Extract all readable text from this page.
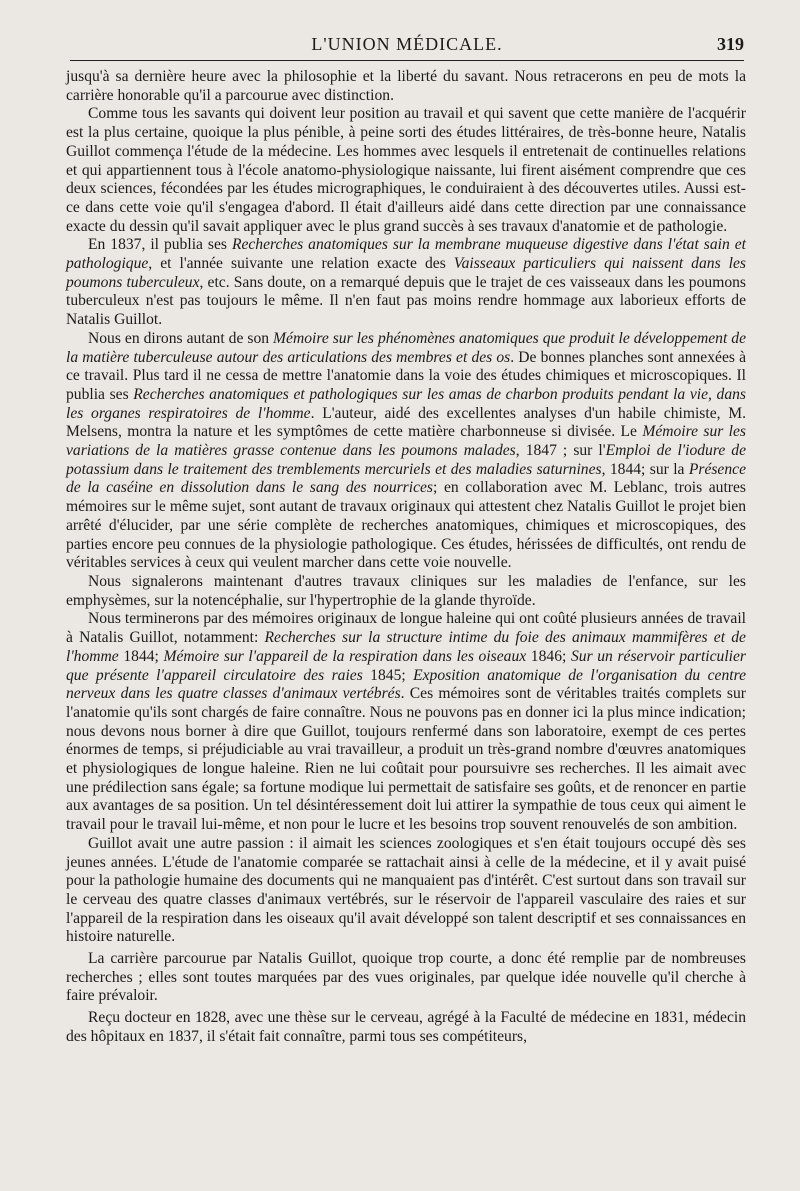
L'UNION MÉDICALE.	319

jusqu'à sa dernière heure avec la philosophie et la liberté du savant. Nous retracerons en peu de mots la carrière honorable qu'il a parcourue avec distinction.

Comme tous les savants qui doivent leur position au travail et qui savent que cette manière de l'acquérir est la plus certaine, quoique la plus pénible, à peine sorti des études littéraires, de très-bonne heure, Natalis Guillot commença l'étude de la médecine. Les hommes avec lesquels il entretenait de continuelles relations et qui appartiennent tous à l'école anatomo-physiologique naissante, lui firent aisément comprendre que ces deux sciences, fécondées par les études micrographiques, le conduiraient à des découvertes utiles. Aussi est-ce dans cette voie qu'il s'engagea d'abord. Il était d'ailleurs aidé dans cette direction par une connaissance exacte du dessin qu'il savait appliquer avec le plus grand succès à ses travaux d'anatomie et de pathologie.

En 1837, il publia ses Recherches anatomiques sur la membrane muqueuse digestive dans l'état sain et pathologique, et l'année suivante une relation exacte des Vaisseaux particuliers qui naissent dans les poumons tuberculeux, etc. Sans doute, on a remarqué depuis que le trajet de ces vaisseaux dans les poumons tuberculeux n'est pas toujours le même. Il n'en faut pas moins rendre hommage aux laborieux efforts de Natalis Guillot.

Nous en dirons autant de son Mémoire sur les phénomènes anatomiques que produit le développement de la matière tuberculeuse autour des articulations des membres et des os. De bonnes planches sont annexées à ce travail. Plus tard il ne cessa de mettre l'anatomie dans la voie des études chimiques et microscopiques. Il publia ses Recherches anatomiques et pathologiques sur les amas de charbon produits pendant la vie, dans les organes respiratoires de l'homme. L'auteur, aidé des excellentes analyses d'un habile chimiste, M. Melsens, montra la nature et les symptômes de cette matière charbonneuse si divisée. Le Mémoire sur les variations de la matières grasse contenue dans les poumons malades, 1847 ; sur l'Emploi de l'iodure de potassium dans le traitement des tremblements mercuriels et des maladies saturnines, 1844; sur la Présence de la caséine en dissolution dans le sang des nourrices; en collaboration avec M. Leblanc, trois autres mémoires sur le même sujet, sont autant de travaux originaux qui attestent chez Natalis Guillot le projet bien arrêté d'élucider, par une série complète de recherches anatomiques, chimiques et microscopiques, des parties encore peu connues de la physiologie pathologique. Ces études, hérissées de difficultés, ont rendu de véritables services à ceux qui veulent marcher dans cette voie nouvelle.

Nous signalerons maintenant d'autres travaux cliniques sur les maladies de l'enfance, sur les emphysèmes, sur la notencéphalie, sur l'hypertrophie de la glande thyroïde.

Nous terminerons par des mémoires originaux de longue haleine qui ont coûté plusieurs années de travail à Natalis Guillot, notamment: Recherches sur la structure intime du foie des animaux mammifères et de l'homme 1844; Mémoire sur l'appareil de la respiration dans les oiseaux 1846; Sur un réservoir particulier que présente l'appareil circulatoire des raies 1845; Exposition anatomique de l'organisation du centre nerveux dans les quatre classes d'animaux vertébrés. Ces mémoires sont de véritables traités complets sur l'anatomie qu'ils sont chargés de faire connaître. Nous ne pouvons pas en donner ici la plus mince indication; nous devons nous borner à dire que Guillot, toujours renfermé dans son laboratoire, exempt de ces pertes énormes de temps, si préjudiciable au vrai travailleur, a produit un très-grand nombre d'œuvres anatomiques et physiologiques de longue haleine. Rien ne lui coûtait pour poursuivre ses recherches. Il les aimait avec une prédilection sans égale; sa fortune modique lui permettait de satisfaire ses goûts, et de renoncer en partie aux avantages de sa position. Un tel désintéressement doit lui attirer la sympathie de tous ceux qui aiment le travail pour le travail lui-même, et non pour le lucre et les besoins trop souvent renouvelés de son ambition.

Guillot avait une autre passion : il aimait les sciences zoologiques et s'en était toujours occupé dès ses jeunes années. L'étude de l'anatomie comparée se rattachait ainsi à celle de la médecine, et il y avait puisé pour la pathologie humaine des documents qui ne manquaient pas d'intérêt. C'est surtout dans son travail sur le cerveau des quatre classes d'animaux vertébrés, sur le réservoir de l'appareil vasculaire des raies et sur l'appareil de la respiration dans les oiseaux qu'il avait développé son talent descriptif et ses connaissances en histoire naturelle.

La carrière parcourue par Natalis Guillot, quoique trop courte, a donc été remplie par de nombreuses recherches ; elles sont toutes marquées par des vues originales, par quelque idée nouvelle qu'il cherche à faire prévaloir.

Reçu docteur en 1828, avec une thèse sur le cerveau, agrégé à la Faculté de médecine en 1831, médecin des hôpitaux en 1837, il s'était fait connaître, parmi tous ses compétiteurs,
